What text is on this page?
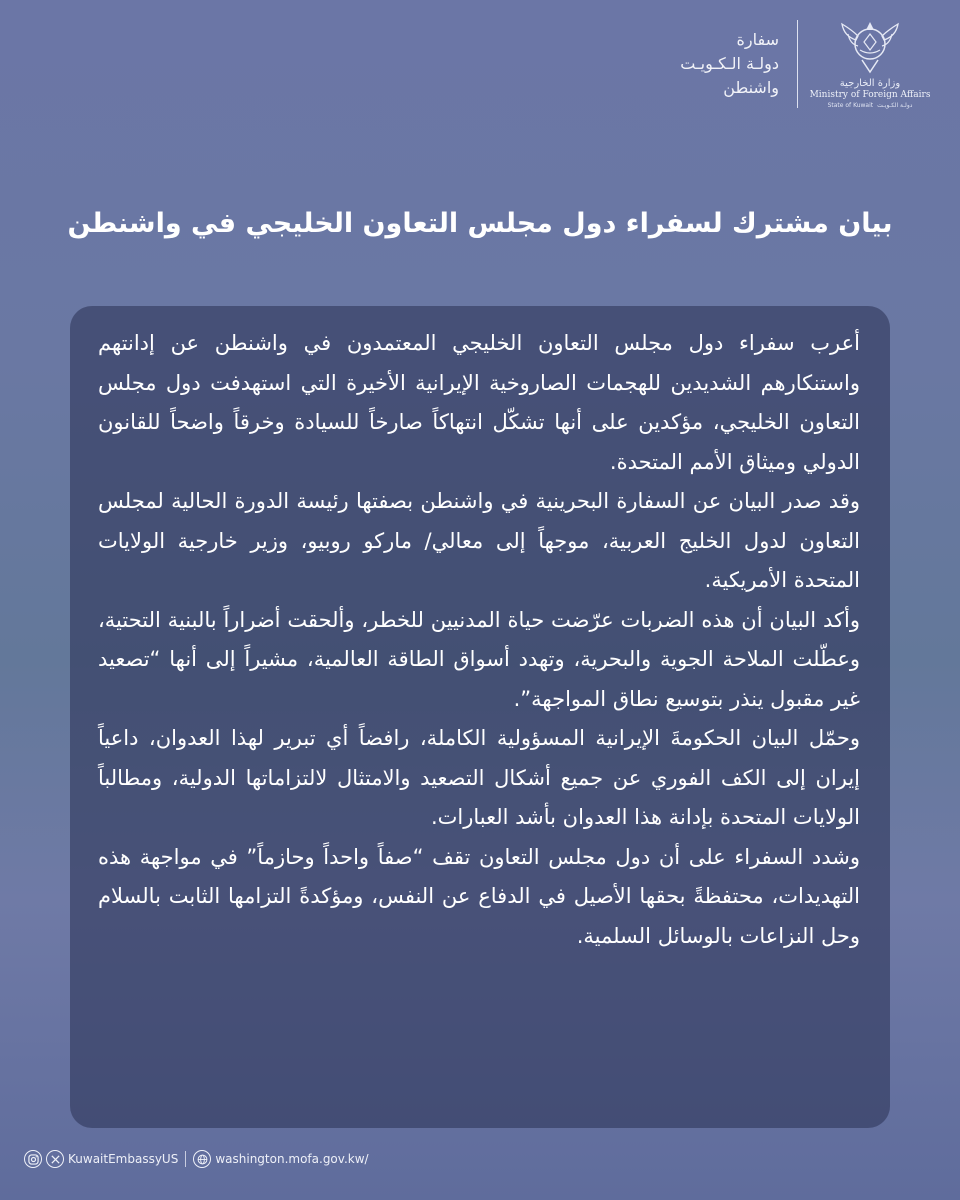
وزارة الخارجية
Ministry of Foreign Affairs
State of Kuwait دولـة الكـويـت
سفارة
دولـة الـكـويـت
واشنطن
بيان مشترك لسفراء دول مجلس التعاون الخليجي في واشنطن

أعرب سفراء دول مجلس التعاون الخليجي المعتمدون في واشنطن عن إدانتهم واستنكارهم الشديدين للهجمات الصاروخية الإيرانية الأخيرة التي استهدفت دول مجلس التعاون الخليجي، مؤكدين على أنها تشكّل انتهاكاً صارخاً للسيادة وخرقاً واضحاً للقانون الدولي وميثاق الأمم المتحدة.

وقد صدر البيان عن السفارة البحرينية في واشنطن بصفتها رئيسة الدورة الحالية لمجلس التعاون لدول الخليج العربية، موجهاً إلى معالي/ ماركو روبيو، وزير خارجية الولايات المتحدة الأمريكية.

وأكد البيان أن هذه الضربات عرّضت حياة المدنيين للخطر، وألحقت أضراراً بالبنية التحتية، وعطّلت الملاحة الجوية والبحرية، وتهدد أسواق الطاقة العالمية، مشيراً إلى أنها “تصعيد غير مقبول ينذر بتوسيع نطاق المواجهة”.

وحمّل البيان الحكومةَ الإيرانية المسؤولية الكاملة، رافضاً أي تبرير لهذا العدوان، داعياً إيران إلى الكف الفوري عن جميع أشكال التصعيد والامتثال لالتزاماتها الدولية، ومطالباً الولايات المتحدة بإدانة هذا العدوان بأشد العبارات.

وشدد السفراء على أن دول مجلس التعاون تقف “صفاً واحداً وحازماً” في مواجهة هذه التهديدات، محتفظةً بحقها الأصيل في الدفاع عن النفس، ومؤكدةً التزامها الثابت بالسلام وحل النزاعات بالوسائل السلمية.

KuwaitEmbassyUS	washington.mofa.gov.kw/
